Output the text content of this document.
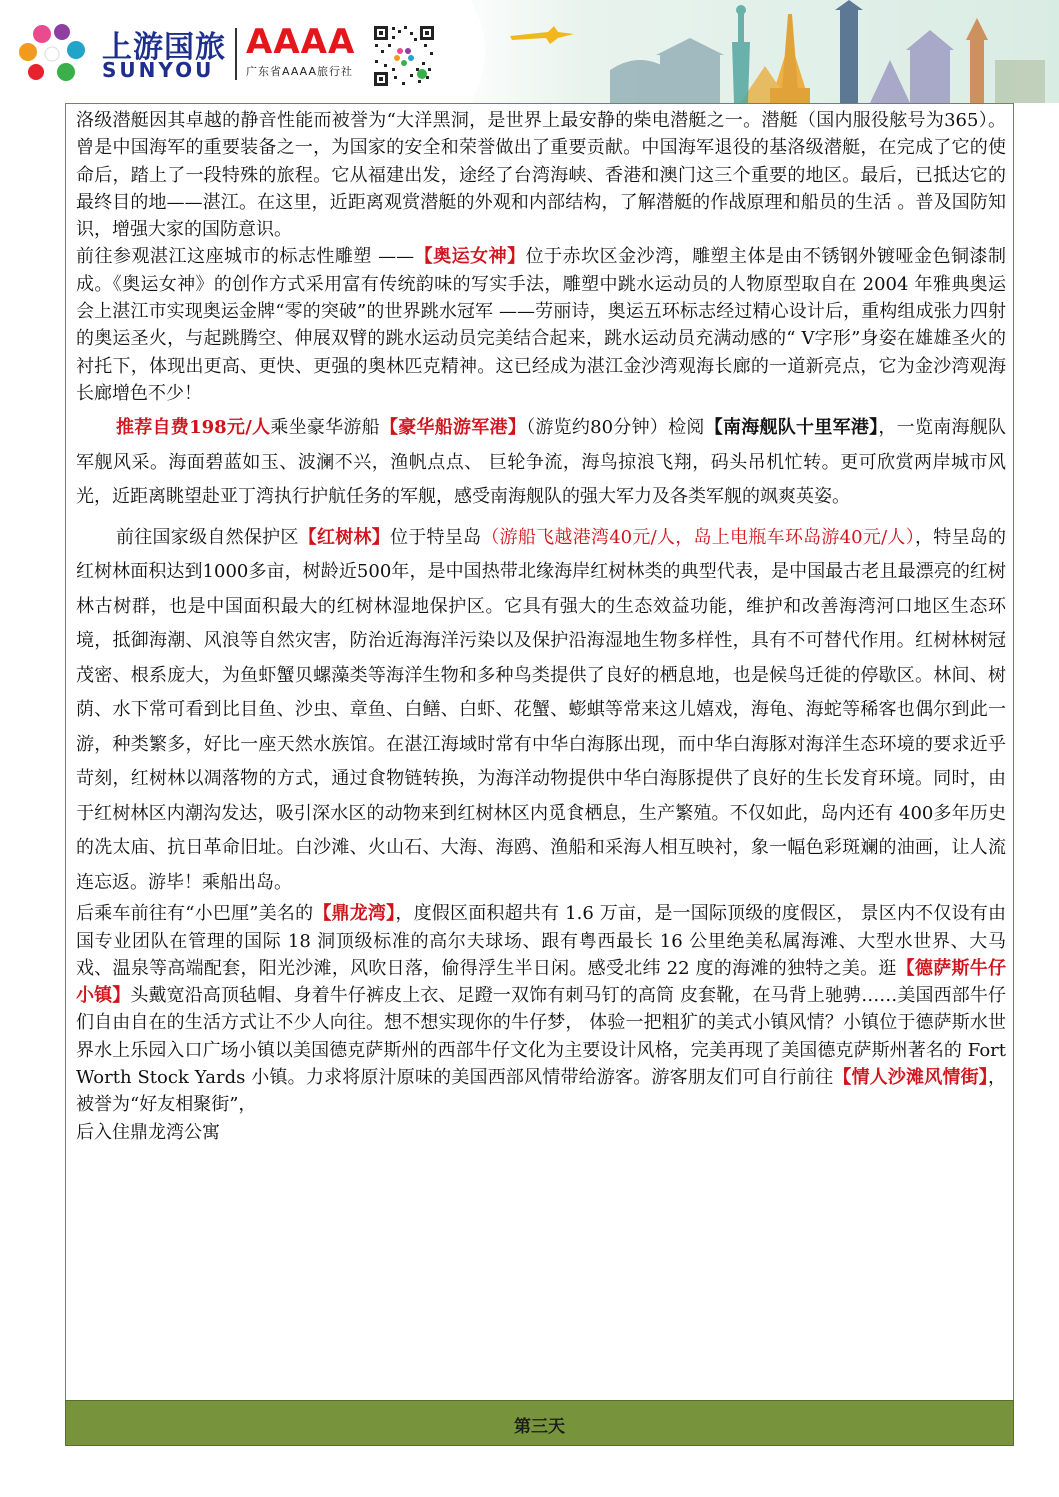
上游国旅
SUNYOU
AAAA
广东省AAAA旅行社

洛级潜艇因其卓越的静音性能而被誉为“大洋黑洞，是世界上最安静的柴电潜艇之一。潜艇（国内服役舷号为365）。曾是中国海军的重要装备之一，为国家的安全和荣誉做出了重要贡献。中国海军退役的基洛级潜艇，在完成了它的使命后，踏上了一段特殊的旅程。它从福建出发，途经了台湾海峡、香港和澳门这三个重要的地区。最后，已抵达它的最终目的地——湛江。在这里，近距离观赏潜艇的外观和内部结构，了解潜艇的作战原理和船员的生活 。普及国防知识，增强大家的国防意识。

前往参观湛江这座城市的标志性雕塑 ——【奥运女神】位于赤坎区金沙湾，雕塑主体是由不锈钢外镀哑金色铜漆制成。《奥运女神》的创作方式采用富有传统韵味的写实手法，雕塑中跳水运动员的人物原型取自在 2004 年雅典奥运会上湛江市实现奥运金牌“零的突破”的世界跳水冠军 ——劳丽诗，奥运五环标志经过精心设计后，重构组成张力四射的奥运圣火，与起跳腾空、伸展双臂的跳水运动员完美结合起来，跳水运动员充满动感的“ V字形”身姿在雄雄圣火的衬托下，体现出更高、更快、更强的奥林匹克精神。这已经成为湛江金沙湾观海长廊的一道新亮点，它为金沙湾观海长廊增色不少！

推荐自费198元/人乘坐豪华游船【豪华船游军港】（游览约80分钟）检阅【南海舰队十里军港】，一览南海舰队军舰风采。海面碧蓝如玉、波澜不兴，渔帆点点、 巨轮争流，海鸟掠浪飞翔，码头吊机忙转。更可欣赏两岸城市风光，近距离眺望赴亚丁湾执行护航任务的军舰，感受南海舰队的强大军力及各类军舰的飒爽英姿。

前往国家级自然保护区【红树林】位于特呈岛（游船飞越港湾40元/人，岛上电瓶车环岛游40元/人），特呈岛的红树林面积达到1000多亩，树龄近500年，是中国热带北缘海岸红树林类的典型代表，是中国最古老且最漂亮的红树林古树群，也是中国面积最大的红树林湿地保护区。它具有强大的生态效益功能，维护和改善海湾河口地区生态环境，抵御海潮、风浪等自然灾害，防治近海海洋污染以及保护沿海湿地生物多样性，具有不可替代作用。红树林树冠茂密、根系庞大，为鱼虾蟹贝螺藻类等海洋生物和多种鸟类提供了良好的栖息地，也是候鸟迁徙的停歇区。林间、树荫、水下常可看到比目鱼、沙虫、章鱼、白鳝、白虾、花蟹、蟛蜞等常来这儿嬉戏，海龟、海蛇等稀客也偶尔到此一游，种类繁多，好比一座天然水族馆。在湛江海域时常有中华白海豚出现，而中华白海豚对海洋生态环境的要求近乎苛刻，红树林以凋落物的方式，通过食物链转换，为海洋动物提供中华白海豚提供了良好的生长发育环境。同时，由于红树林区内潮沟发达，吸引深水区的动物来到红树林区内觅食栖息，生产繁殖。不仅如此，岛内还有 400多年历史的冼太庙、抗日革命旧址。白沙滩、火山石、大海、海鸥、渔船和采海人相互映衬，象一幅色彩斑斓的油画，让人流连忘返。游毕！乘船出岛。

后乘车前往有“小巴厘”美名的【鼎龙湾】，度假区面积超共有 1.6 万亩，是一国际顶级的度假区， 景区内不仅设有由国专业团队在管理的国际 18 洞顶级标准的高尔夫球场、跟有粤西最长 16 公里绝美私属海滩、大型水世界、大马戏、温泉等高端配套，阳光沙滩，风吹日落，偷得浮生半日闲。感受北纬 22 度的海滩的独特之美。逛【德萨斯牛仔小镇】头戴宽沿高顶毡帽、身着牛仔裤皮上衣、足蹬一双饰有刺马钉的高筒 皮套靴，在马背上驰骋……美国西部牛仔们自由自在的生活方式让不少人向往。想不想实现你的牛仔梦， 体验一把粗犷的美式小镇风情？小镇位于德萨斯水世界水上乐园入口广场小镇以美国德克萨斯州的西部牛仔文化为主要设计风格，完美再现了美国德克萨斯州著名的 Fort Worth Stock Yards 小镇。力求将原汁原味的美国西部风情带给游客。游客朋友们可自行前往【情人沙滩风情街】，被誉为“好友相聚街”，

后入住鼎龙湾公寓

第三天
